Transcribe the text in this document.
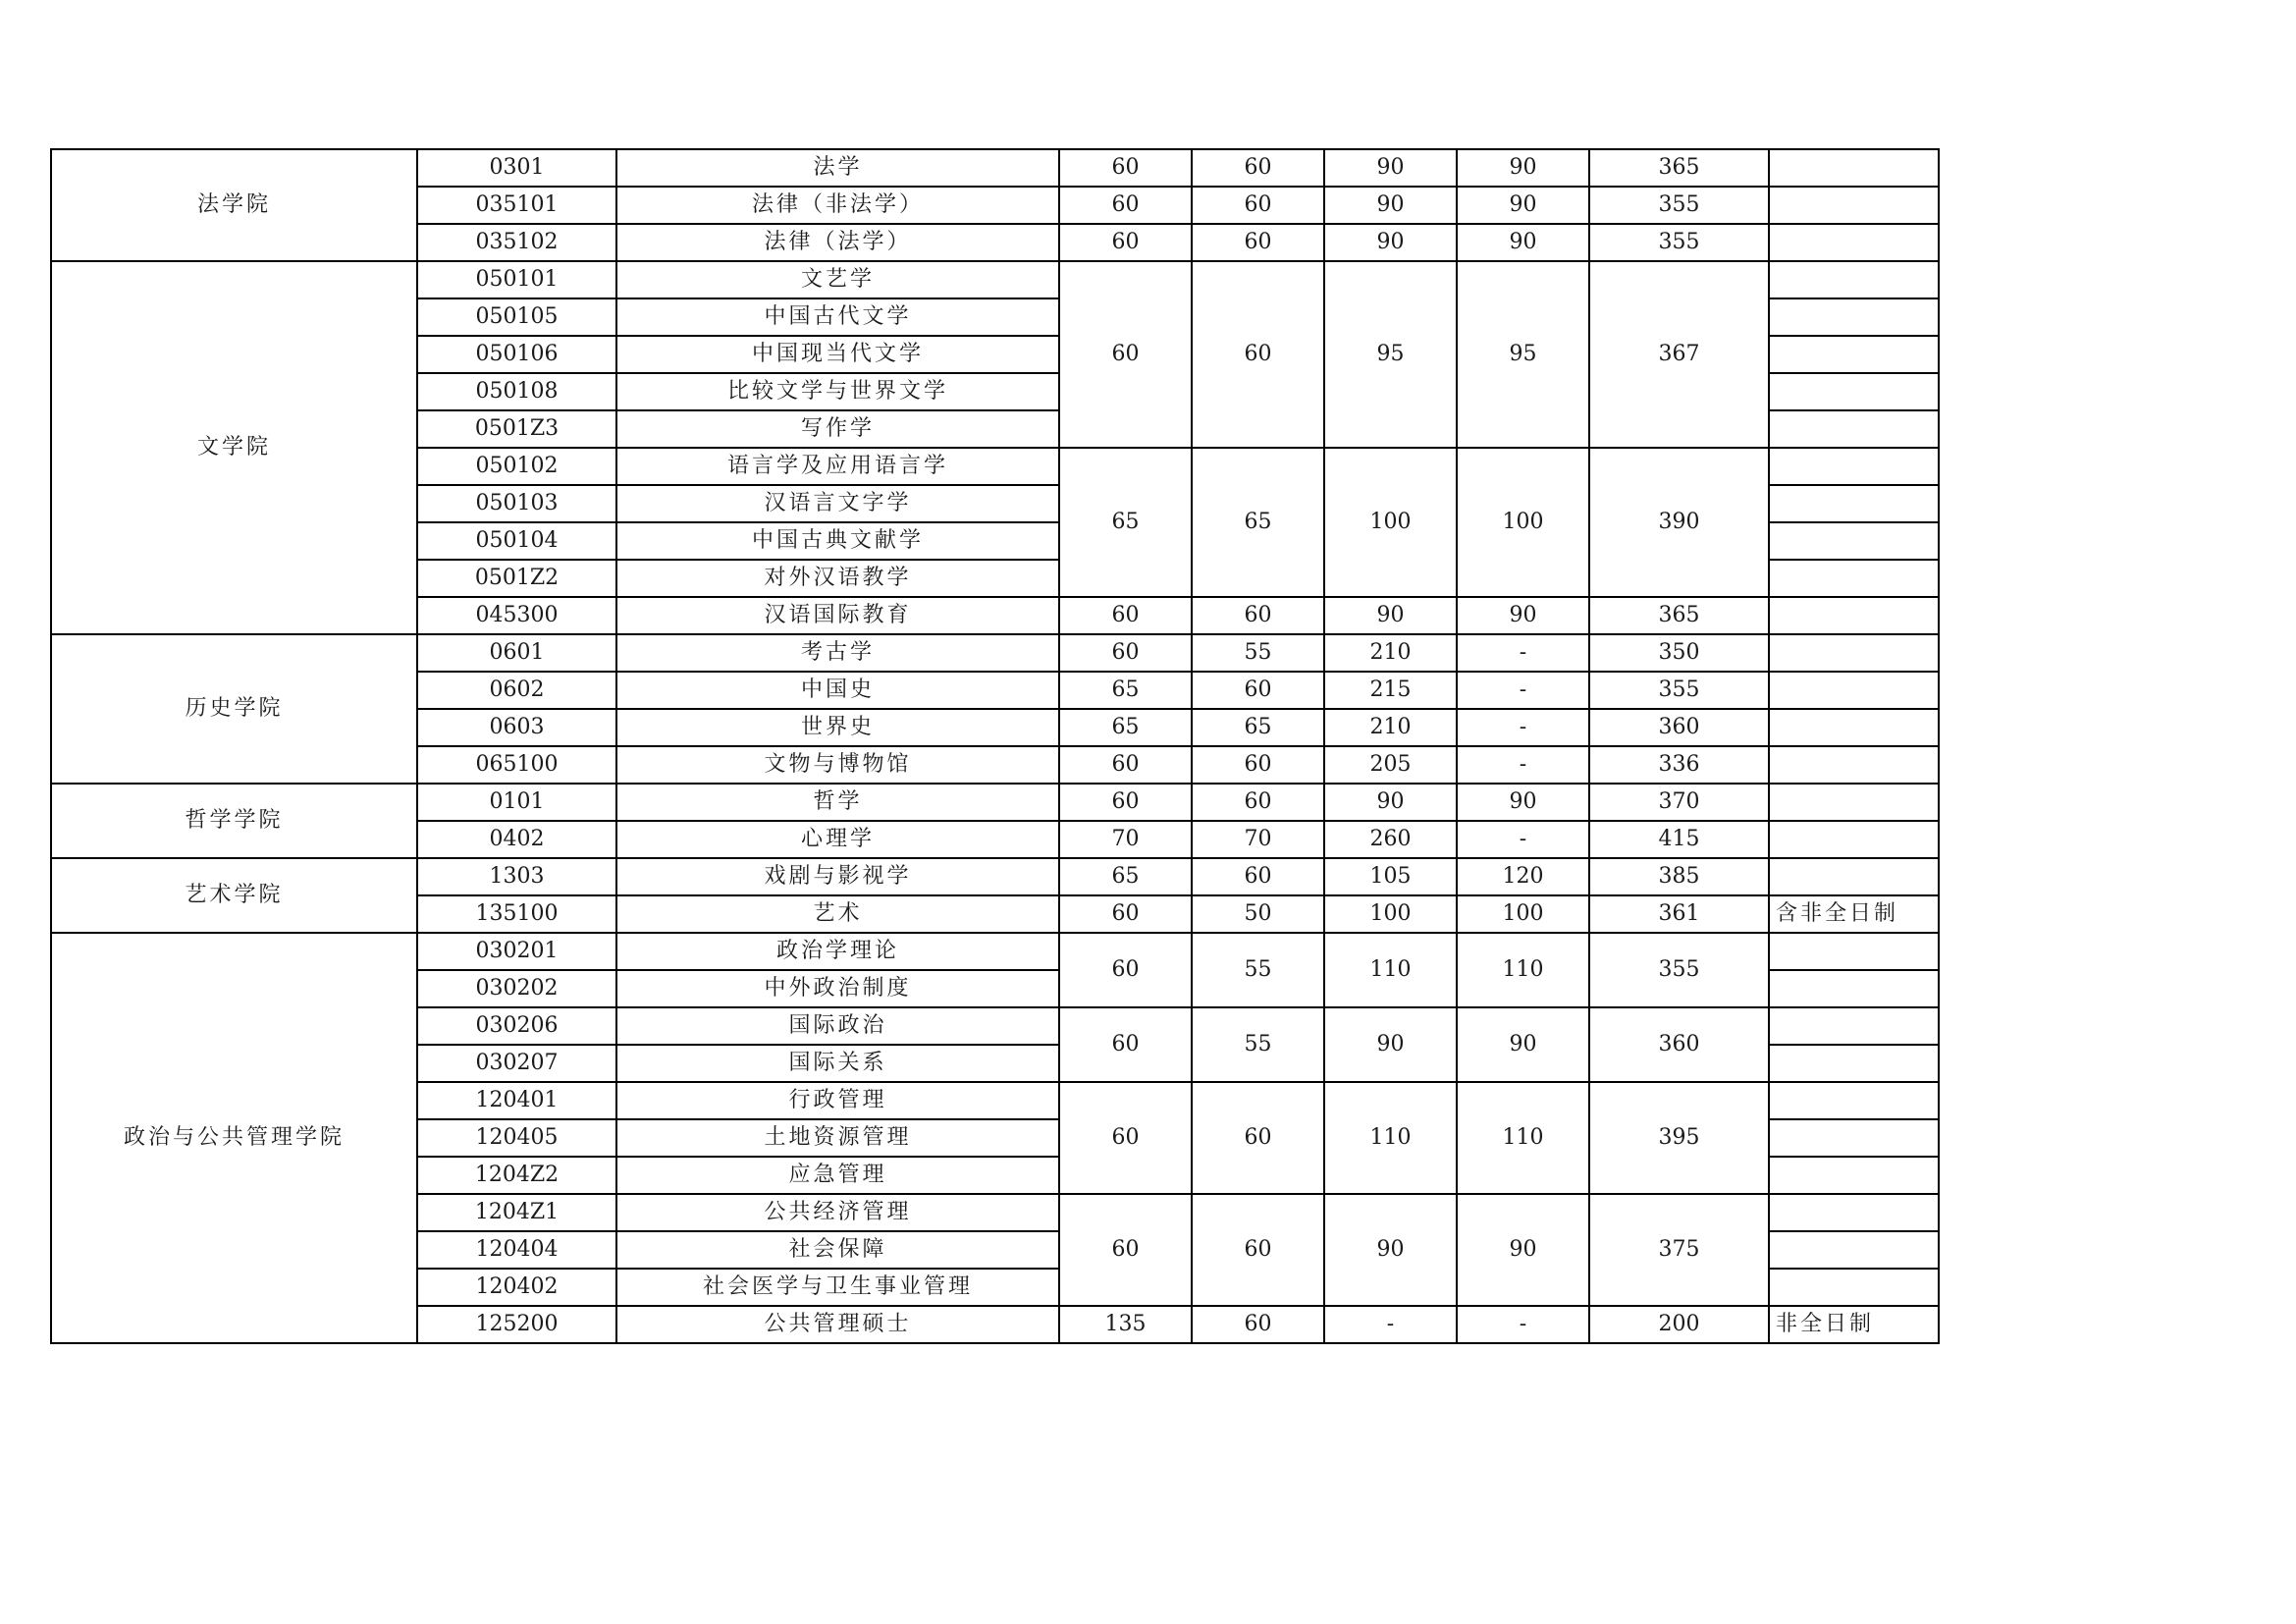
法学院	0301	法学	60	60	90	90	365	
	035101	法律（非法学）	60	60	90	90	355	
	035102	法律（法学）	60	60	90	90	355	
文学院	050101	文艺学	60	60	95	95	367	
	050105	中国古代文学						
	050106	中国现当代文学						
	050108	比较文学与世界文学						
	0501Z3	写作学						
	050102	语言学及应用语言学	65	65	100	100	390	
	050103	汉语言文字学						
	050104	中国古典文献学						
	0501Z2	对外汉语教学						
	045300	汉语国际教育	60	60	90	90	365	
历史学院	0601	考古学	60	55	210	-	350	
	0602	中国史	65	60	215	-	355	
	0603	世界史	65	65	210	-	360	
	065100	文物与博物馆	60	60	205	-	336	
哲学学院	0101	哲学	60	60	90	90	370	
	0402	心理学	70	70	260	-	415	
艺术学院	1303	戏剧与影视学	65	60	105	120	385	
	135100	艺术	60	50	100	100	361	含非全日制
政治与公共管理学院	030201	政治学理论	60	55	110	110	355	
	030202	中外政治制度						
	030206	国际政治	60	55	90	90	360	
	030207	国际关系						
	120401	行政管理	60	60	110	110	395	
	120405	土地资源管理						
	1204Z2	应急管理						
	1204Z1	公共经济管理	60	60	90	90	375	
	120404	社会保障						
	120402	社会医学与卫生事业管理						
	125200	公共管理硕士	135	60	-	-	200	非全日制
